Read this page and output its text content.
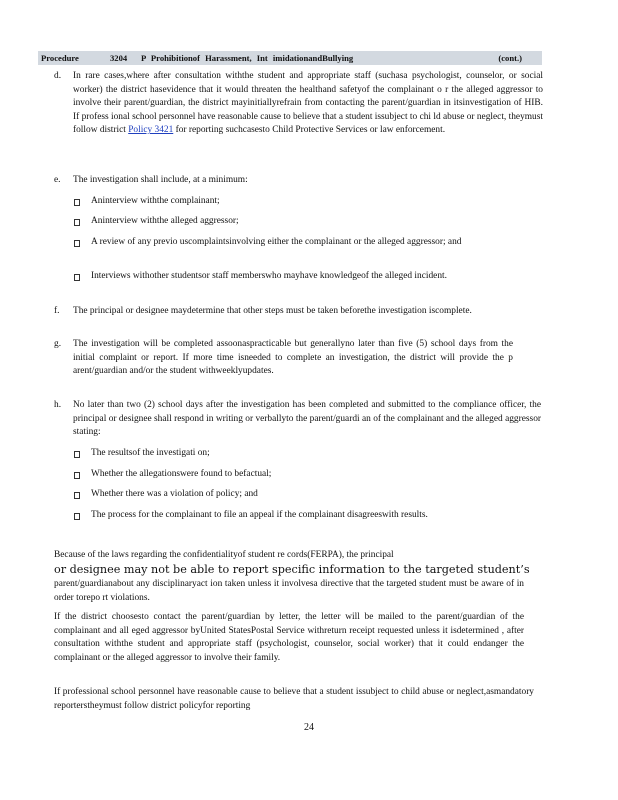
Procedure	3204 P Prohibitionof Harassment, Int imidationandBullying	(cont.)
d. In rare cases,where after consultation withthe student and appropriate staff (suchasa psychologist, counselor, or social worker) the district hasevidence that it would threaten the healthand safetyof the complainant o r the alleged aggressor to involve their parent/guardian, the district mayinitiallyrefrain from contacting the parent/guardian in itsinvestigation of HIB. If profess ional school personnel have reasonable cause to believe that a student issubject to chi ld abuse or neglect, theymust follow district Policy 3421 for reporting suchcasesto Child Protective Services or law enforcement.
e. The investigation shall include, at a minimum:
Aninterview withthe complainant;
Aninterview withthe alleged aggressor;
A review of any previo uscomplaintsinvolving either the complainant or the alleged aggressor; and
Interviews withother studentsor staff memberswho mayhave knowledgeof the alleged incident.
f. The principal or designee maydetermine that other steps must be taken beforethe investigation iscomplete.
g. The investigation will be completed assoonaspracticable but generallyno later than five (5) school days from the initial complaint or report. If more time isneeded to complete an investigation, the district will provide the p arent/guardian and/or the student withweeklyupdates.
h. No later than two (2) school days after the investigation has been completed and submitted to the compliance officer, the principal or designee shall respond in writing or verballyto the parent/guardi an of the complainant and the alleged aggressor stating:
The resultsof the investigati on;
Whether the allegationswere found to befactual;
Whether there was a violation of policy; and
The process for the complainant to file an appeal if the complainant disagreeswith results.
Because of the laws regarding the confidentialityof student re cords(FERPA), the principal
or designee may not be able to report specific information to the targeted student’s
parent/guardianabout any disciplinaryact ion taken unless it involvesa directive that the targeted student must be aware of in order torepo rt violations.
If the district choosesto contact the parent/guardian by letter, the letter will be mailed to the parent/guardian of the complainant and all eged aggressor byUnited StatesPostal Service withreturn receipt requested unless it isdetermined , after consultation withthe student and appropriate staff (psychologist, counselor, social worker) that it could endanger the complainant or the alleged aggressor to involve their family.
If professional school personnel have reasonable cause to believe that a student issubject to child abuse or neglect,asmandatory reporterstheymust follow district policyfor reporting
24
